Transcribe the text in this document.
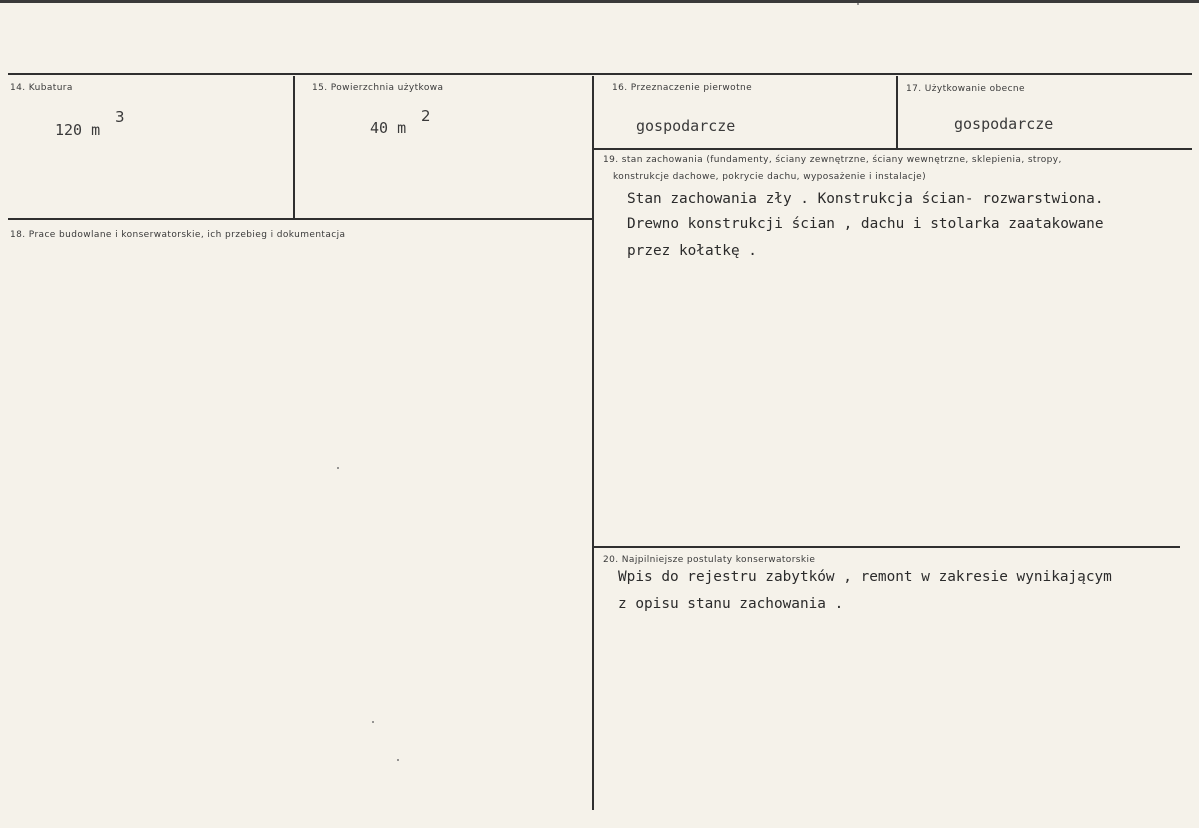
14. Kubatura
120 m
3
15. Powierzchnia użytkowa
40 m
2
16. Przeznaczenie pierwotne
gospodarcze
17. Użytkowanie obecne
gospodarcze
18. Prace budowlane i konserwatorskie, ich przebieg i dokumentacja
19. stan zachowania (fundamenty, ściany zewnętrzne, ściany wewnętrzne, sklepienia, stropy,
konstrukcje dachowe, pokrycie dachu, wyposażenie i instalacje)
Stan zachowania zły . Konstrukcja ścian- rozwarstwiona.
Drewno konstrukcji ścian , dachu i stolarka zaatakowane
przez kołatkę .
20. Najpilniejsze postulaty konserwatorskie
Wpis do rejestru zabytków , remont w zakresie wynikającym
z opisu stanu zachowania .
